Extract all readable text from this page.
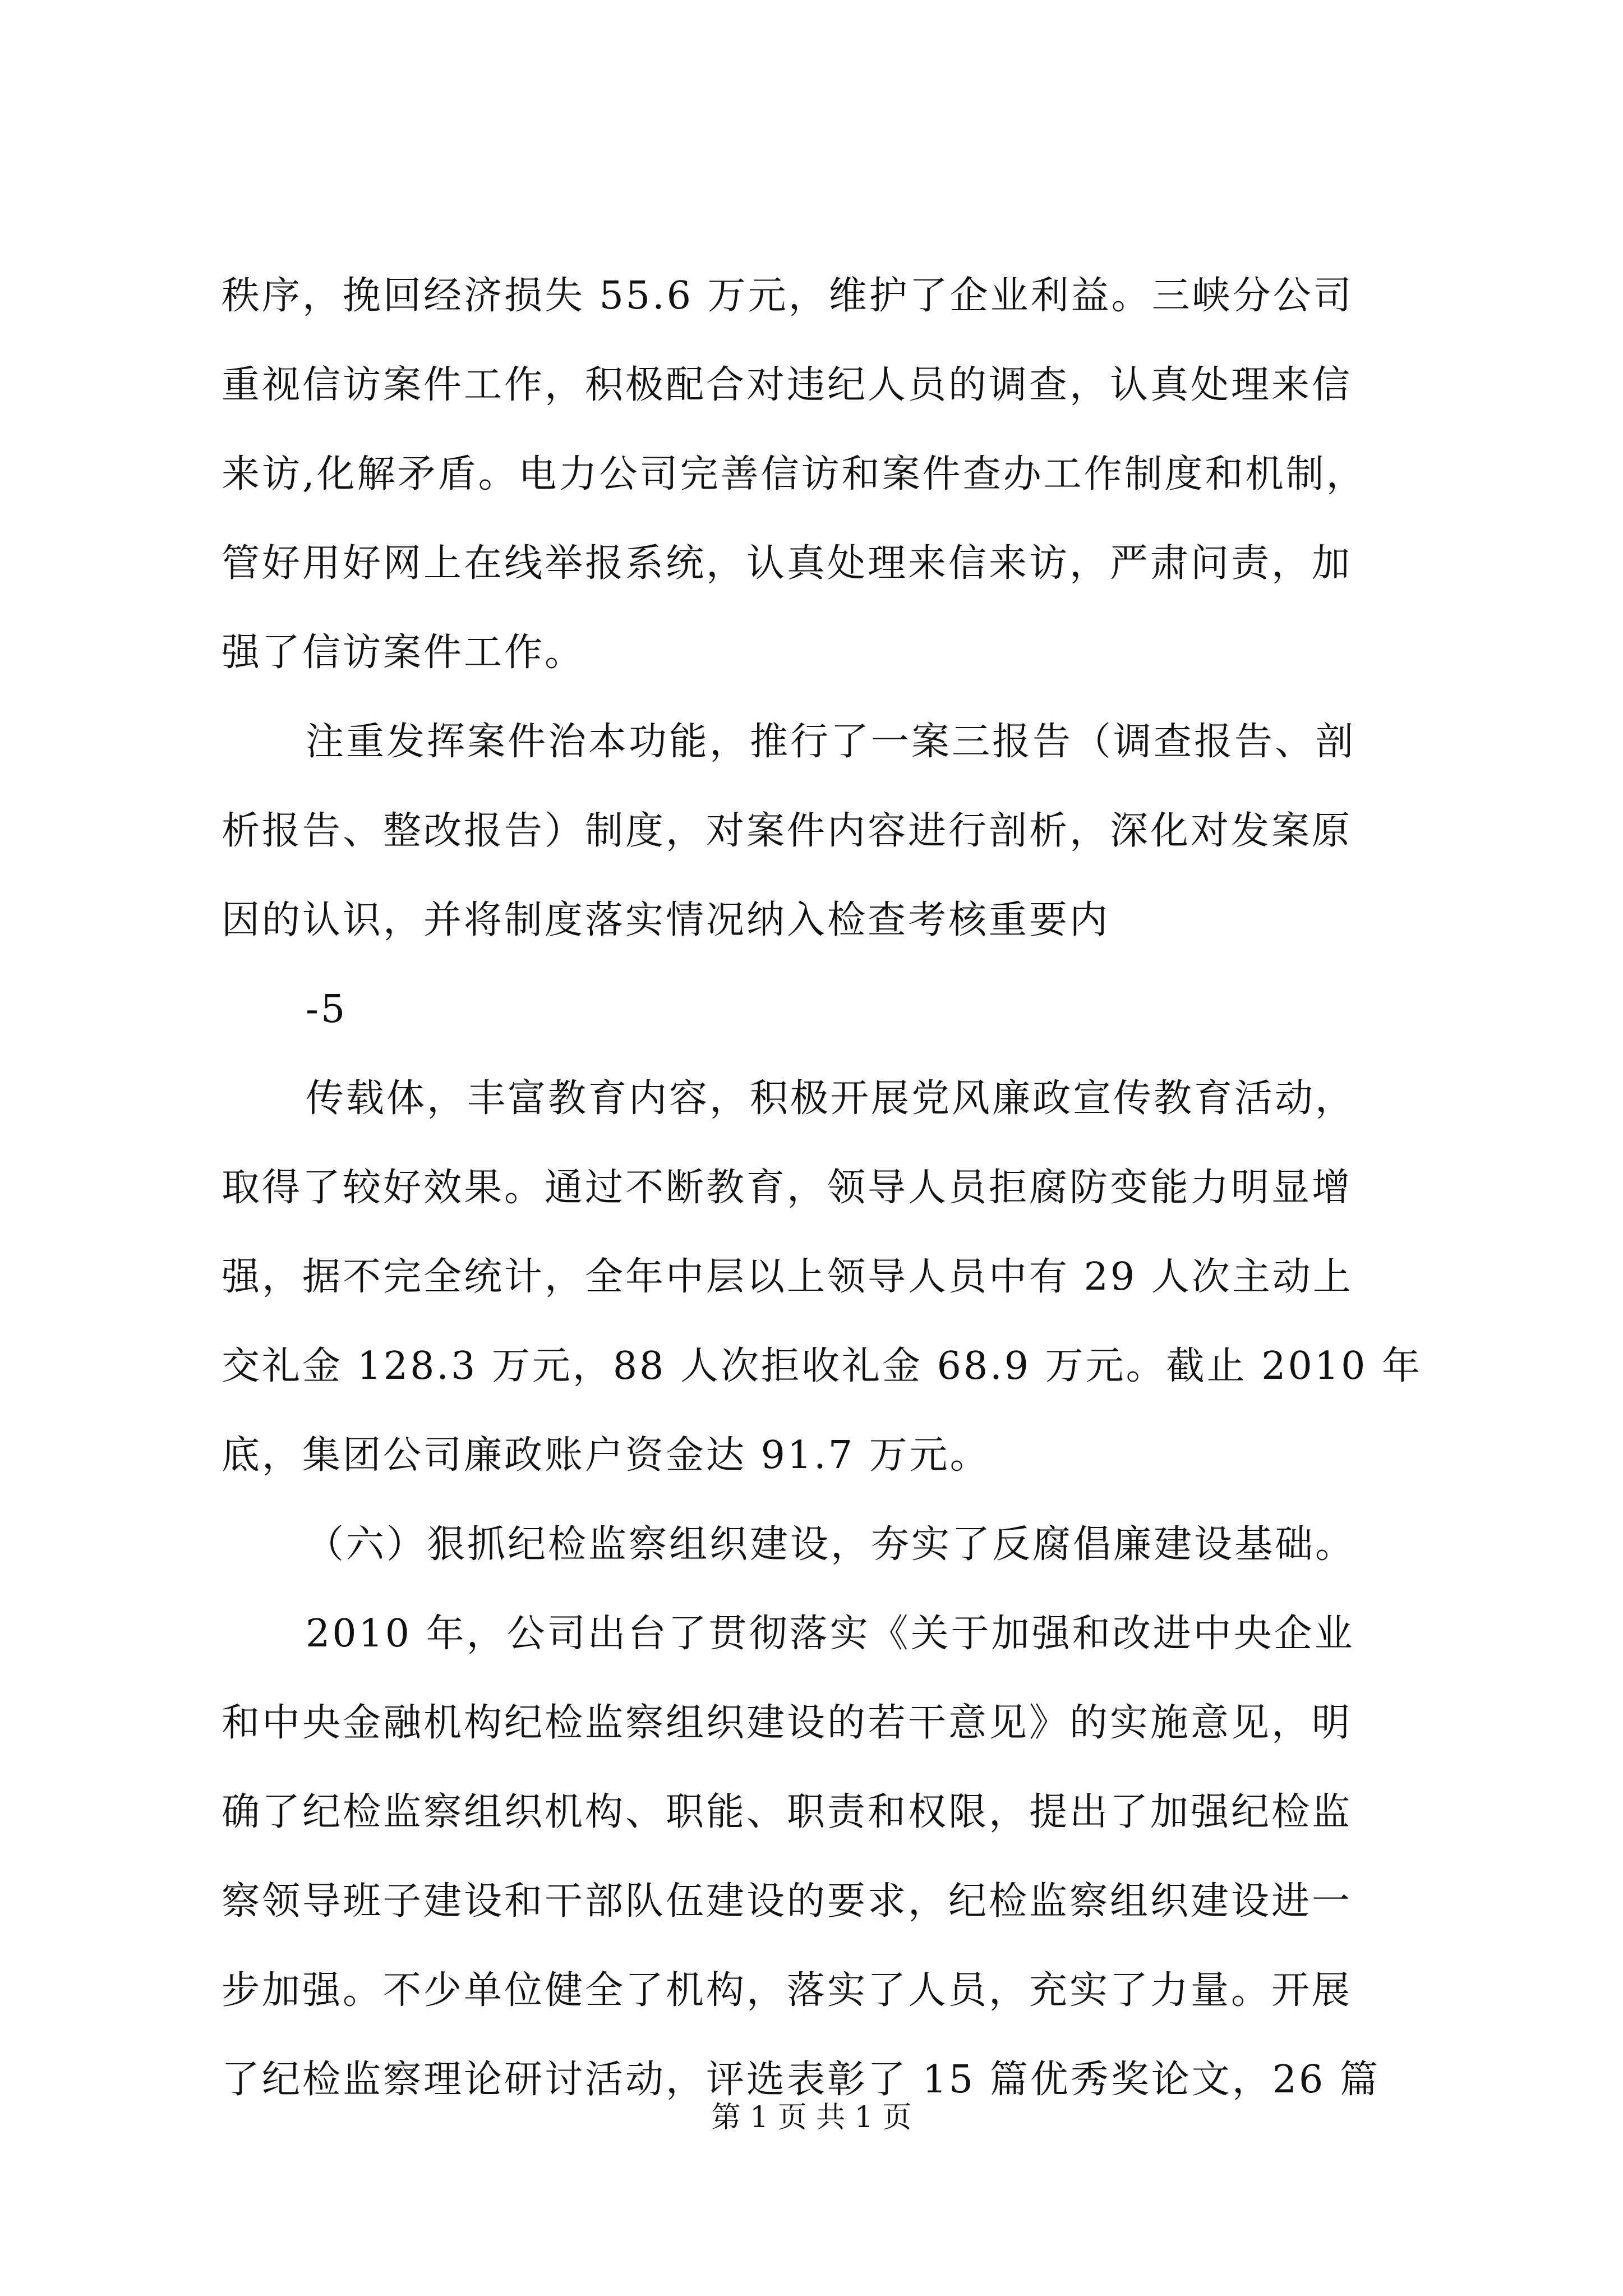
秩序，挽回经济损失 55.6 万元，维护了企业利益。三峡分公司
重视信访案件工作，积极配合对违纪人员的调查，认真处理来信
来访,化解矛盾。电力公司完善信访和案件查办工作制度和机制，
管好用好网上在线举报系统，认真处理来信来访，严肃问责，加
强了信访案件工作。
注重发挥案件治本功能，推行了一案三报告（调查报告、剖
析报告、整改报告）制度，对案件内容进行剖析，深化对发案原
因的认识，并将制度落实情况纳入检查考核重要内
-5
传载体，丰富教育内容，积极开展党风廉政宣传教育活动，
取得了较好效果。通过不断教育，领导人员拒腐防变能力明显增
强，据不完全统计，全年中层以上领导人员中有 29 人次主动上
交礼金 128.3 万元，88 人次拒收礼金 68.9 万元。截止 2010 年
底，集团公司廉政账户资金达 91.7 万元。
（六）狠抓纪检监察组织建设，夯实了反腐倡廉建设基础。
2010 年，公司出台了贯彻落实《关于加强和改进中央企业
和中央金融机构纪检监察组织建设的若干意见》的实施意见，明
确了纪检监察组织机构、职能、职责和权限，提出了加强纪检监
察领导班子建设和干部队伍建设的要求，纪检监察组织建设进一
步加强。不少单位健全了机构，落实了人员，充实了力量。开展
了纪检监察理论研讨活动，评选表彰了 15 篇优秀奖论文，26 篇
第 1 页 共 1 页
